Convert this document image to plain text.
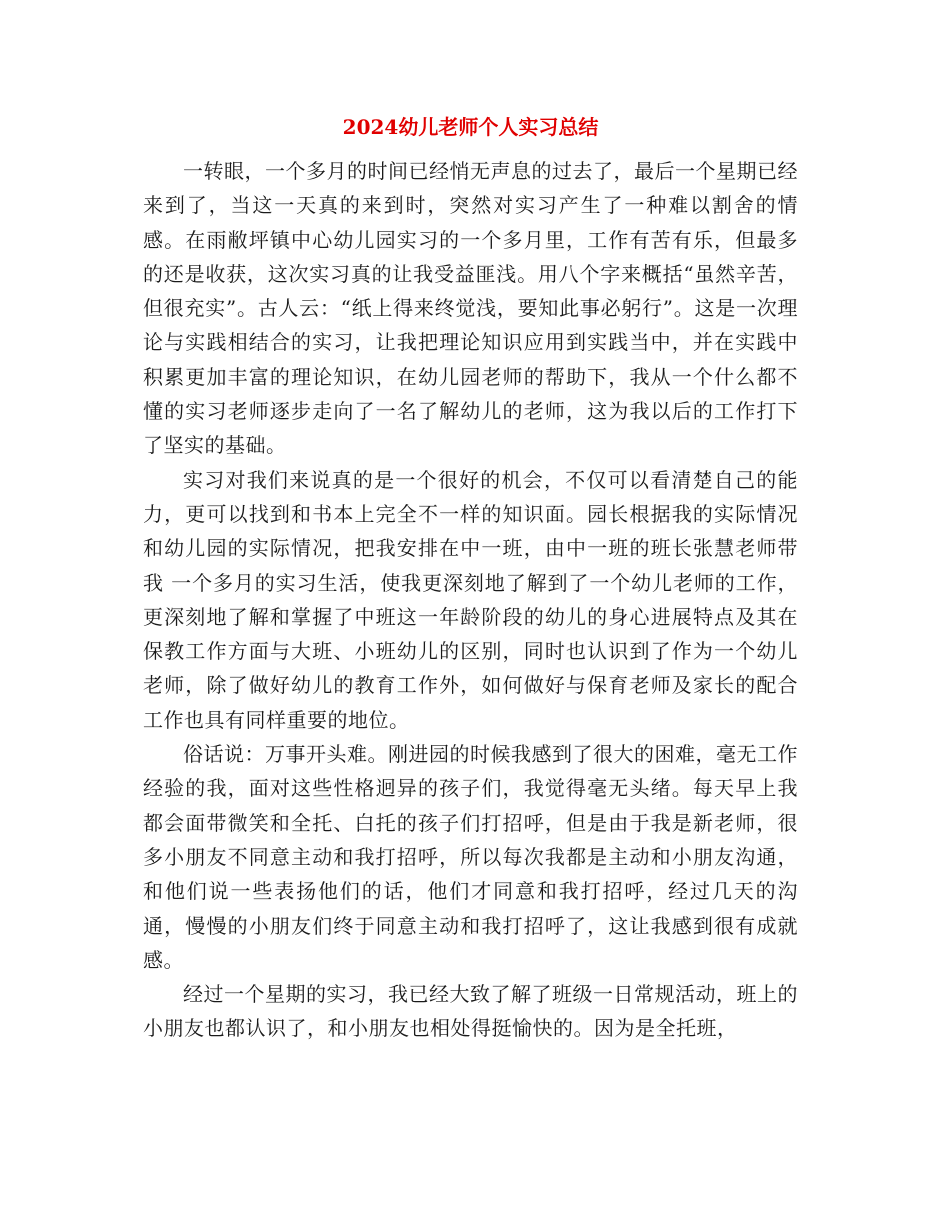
2024幼儿老师个人实习总结

一转眼，一个多月的时间已经悄无声息的过去了，最后一个星期已经来到了，当这一天真的来到时，突然对实习产生了一种难以割舍的情感。在雨敝坪镇中心幼儿园实习的一个多月里，工作有苦有乐，但最多的还是收获，这次实习真的让我受益匪浅。用八个字来概括“虽然辛苦，但很充实”。古人云：“纸上得来终觉浅，要知此事必躬行”。这是一次理论与实践相结合的实习，让我把理论知识应用到实践当中，并在实践中积累更加丰富的理论知识，在幼儿园老师的帮助下，我从一个什么都不懂的实习老师逐步走向了一名了解幼儿的老师，这为我以后的工作打下了坚实的基础。

实习对我们来说真的是一个很好的机会，不仅可以看清楚自己的能力，更可以找到和书本上完全不一样的知识面。园长根据我的实际情况和幼儿园的实际情况，把我安排在中一班，由中一班的班长张慧老师带我 一个多月的实习生活，使我更深刻地了解到了一个幼儿老师的工作，更深刻地了解和掌握了中班这一年龄阶段的幼儿的身心进展特点及其在保教工作方面与大班、小班幼儿的区别，同时也认识到了作为一个幼儿老师，除了做好幼儿的教育工作外，如何做好与保育老师及家长的配合工作也具有同样重要的地位。

俗话说：万事开头难。刚进园的时候我感到了很大的困难，毫无工作经验的我，面对这些性格迥异的孩子们，我觉得毫无头绪。每天早上我都会面带微笑和全托、白托的孩子们打招呼，但是由于我是新老师，很多小朋友不同意主动和我打招呼，所以每次我都是主动和小朋友沟通，和他们说一些表扬他们的话，他们才同意和我打招呼，经过几天的沟通，慢慢的小朋友们终于同意主动和我打招呼了，这让我感到很有成就感。

经过一个星期的实习，我已经大致了解了班级一日常规活动，班上的小朋友也都认识了，和小朋友也相处得挺愉快的。因为是全托班，
